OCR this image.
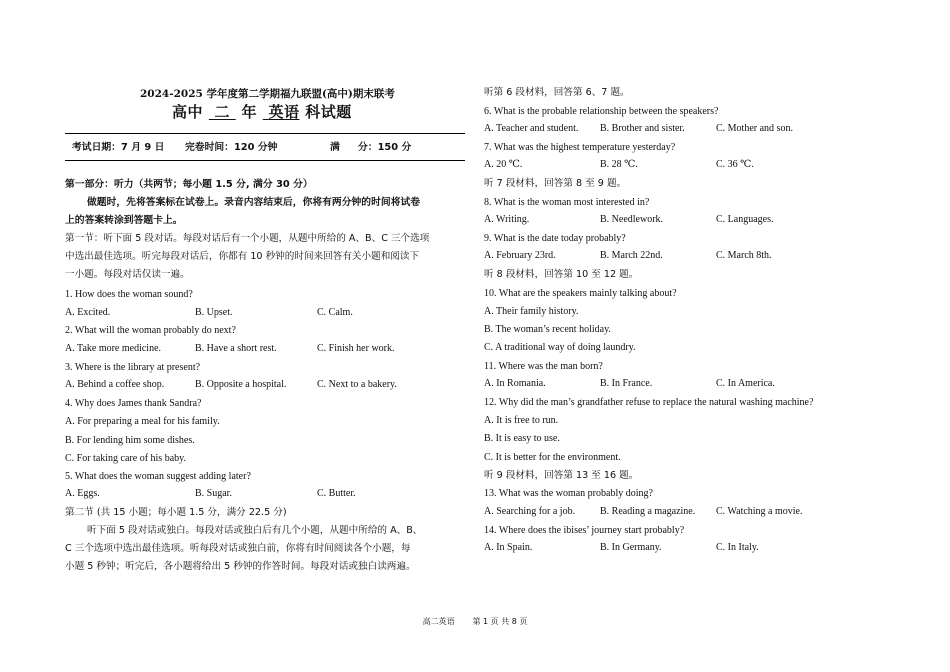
2024-2025 学年度第二学期福九联盟(高中)期末联考
高中 二 年 英语 科试题
考试日期：7 月 9 日 完卷时间：120 分钟	满 分：150 分
第一部分：听力（共两节；每小题 1.5 分, 满分 30 分）
做题时，先将答案标在试卷上。录音内容结束后，你将有两分钟的时间将试卷
上的答案转涂到答题卡上。
第一节：听下面 5 段对话。每段对话后有一个小题，从题中所给的 A、B、C 三个选项
中选出最佳选项。听完每段对话后，你都有 10 秒钟的时间来回答有关小题和阅读下
一小题。每段对话仅读一遍。
1. How does the woman sound?
A. Excited.	B. Upset.	C. Calm.
2. What will the woman probably do next?
A. Take more medicine.	B. Have a short rest.	C. Finish her work.
3. Where is the library at present?
A. Behind a coffee shop.	B. Opposite a hospital.	C. Next to a bakery.
4. Why does James thank Sandra?
A. For preparing a meal for his family.
B. For lending him some dishes.
C. For taking care of his baby.
5. What does the woman suggest adding later?
A. Eggs.	B. Sugar.	C. Butter.
第二节 (共 15 小题；每小题 1.5 分，满分 22.5 分)
听下面 5 段对话或独白。每段对话或独白后有几个小题，从题中所给的 A、B、
C 三个选项中选出最佳选项。听每段对话或独白前，你将有时间阅读各个小题，每
小题 5 秒钟；听完后，各小题将给出 5 秒钟的作答时间。每段对话或独白读两遍。
听第 6 段材料，回答第 6、7 题。
6. What is the probable relationship between the speakers?
A. Teacher and student. B. Brother and sister.	C. Mother and son.
7. What was the highest temperature yesterday?
A. 20 ℃.	B. 28 ℃.	C. 36 ℃.
听 7 段材料，回答第 8 至 9 题。
8. What is the woman most interested in?
A. Writing.	B. Needlework.	C. Languages.
9. What is the date today probably?
A. February 23rd.	B. March 22nd.	C. March 8th.
听 8 段材料，回答第 10 至 12 题。
10. What are the speakers mainly talking about?
A. Their family history.
B. The woman’s recent holiday.
C. A traditional way of doing laundry.
11. Where was the man born?
A. In Romania.	B. In France.	C. In America.
12. Why did the man’s grandfather refuse to replace the natural washing machine?
A. It is free to run.
B. It is easy to use.
C. It is better for the environment.
听 9 段材料，回答第 13 至 16 题。
13. What was the woman probably doing?
A. Searching for a job. B. Reading a magazine. C. Watching a movie.
14. Where does the ibises’ journey start probably?
A. In Spain.	B. In Germany.	C. In Italy.
高二英语 第 1 页 共 8 页
